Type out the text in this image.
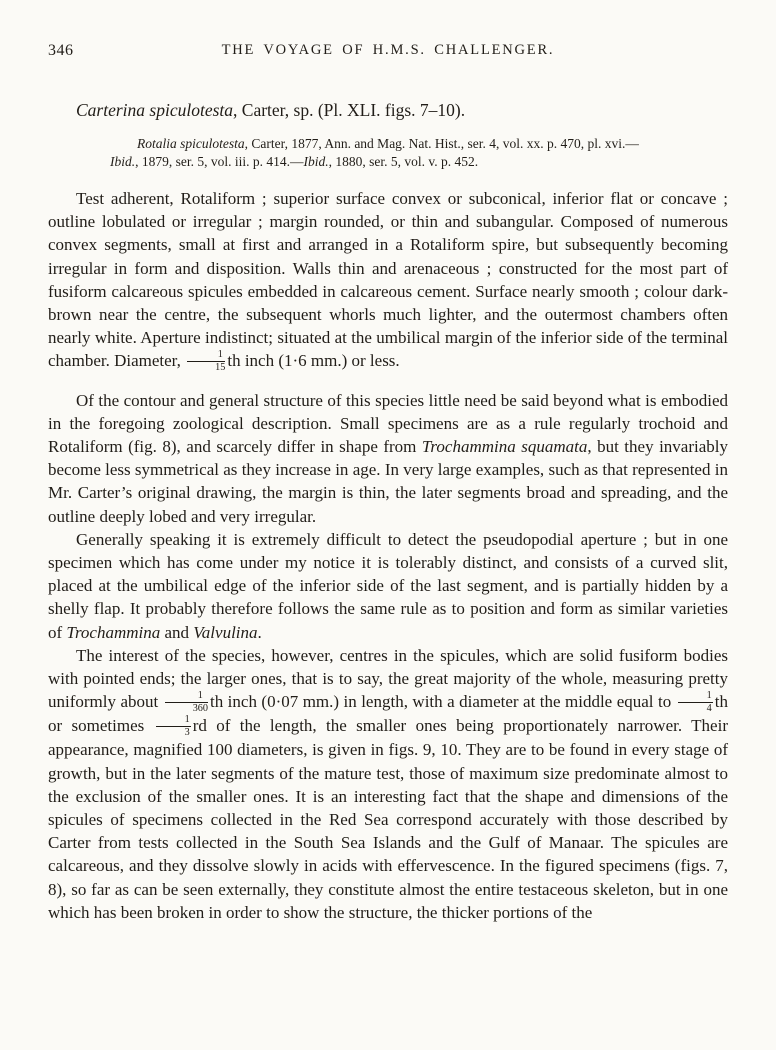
346	THE VOYAGE OF H.M.S. CHALLENGER.
Carterina spiculotesta, Carter, sp. (Pl. XLI. figs. 7–10).
Rotalia spiculotesta, Carter, 1877, Ann. and Mag. Nat. Hist., ser. 4, vol. xx. p. 470, pl. xvi.—
Ibid., 1879, ser. 5, vol. iii. p. 414.—Ibid., 1880, ser. 5, vol. v. p. 452.

Test adherent, Rotaliform ; superior surface convex or subconical, inferior flat or concave ; outline lobulated or irregular ; margin rounded, or thin and subangular. Composed of numerous convex segments, small at first and arranged in a Rotaliform spire, but subsequently becoming irregular in form and disposition. Walls thin and arenaceous ; constructed for the most part of fusiform calcareous spicules embedded in calcareous cement. Surface nearly smooth ; colour dark-brown near the centre, the subsequent whorls much lighter, and the outermost chambers often nearly white. Aperture indistinct; situated at the umbilical margin of the inferior side of the terminal chamber. Diameter, $\frac{1}{15}$ th inch (1·6 mm.) or less.

Of the contour and general structure of this species little need be said beyond what is embodied in the foregoing zoological description. Small specimens are as a rule regularly trochoid and Rotaliform (fig. 8), and scarcely differ in shape from Trochammina squamata, but they invariably become less symmetrical as they increase in age. In very large examples, such as that represented in Mr. Carter’s original drawing, the margin is thin, the later segments broad and spreading, and the outline deeply lobed and very irregular.

Generally speaking it is extremely difficult to detect the pseudopodial aperture ; but in one specimen which has come under my notice it is tolerably distinct, and consists of a curved slit, placed at the umbilical edge of the inferior side of the last segment, and is partially hidden by a shelly flap. It probably therefore follows the same rule as to position and form as similar varieties of Trochammina and Valvulina.

The interest of the species, however, centres in the spicules, which are solid fusiform bodies with pointed ends; the larger ones, that is to say, the great majority of the whole, measuring pretty uniformly about $\frac{1}{360}$ th inch (0·07 mm.) in length, with a diameter at the middle equal to $\frac{1}{4}$ th or sometimes $\frac{1}{3}$ rd of the length, the smaller ones being proportionately narrower. Their appearance, magnified 100 diameters, is given in figs. 9, 10. They are to be found in every stage of growth, but in the later segments of the mature test, those of maximum size predominate almost to the exclusion of the smaller ones. It is an interesting fact that the shape and dimensions of the spicules of specimens collected in the Red Sea correspond accurately with those described by Carter from tests collected in the South Sea Islands and the Gulf of Manaar. The spicules are calcareous, and they dissolve slowly in acids with effervescence. In the figured specimens (figs. 7, 8), so far as can be seen externally, they constitute almost the entire testaceous skeleton, but in one which has been broken in order to show the structure, the thicker portions of the
